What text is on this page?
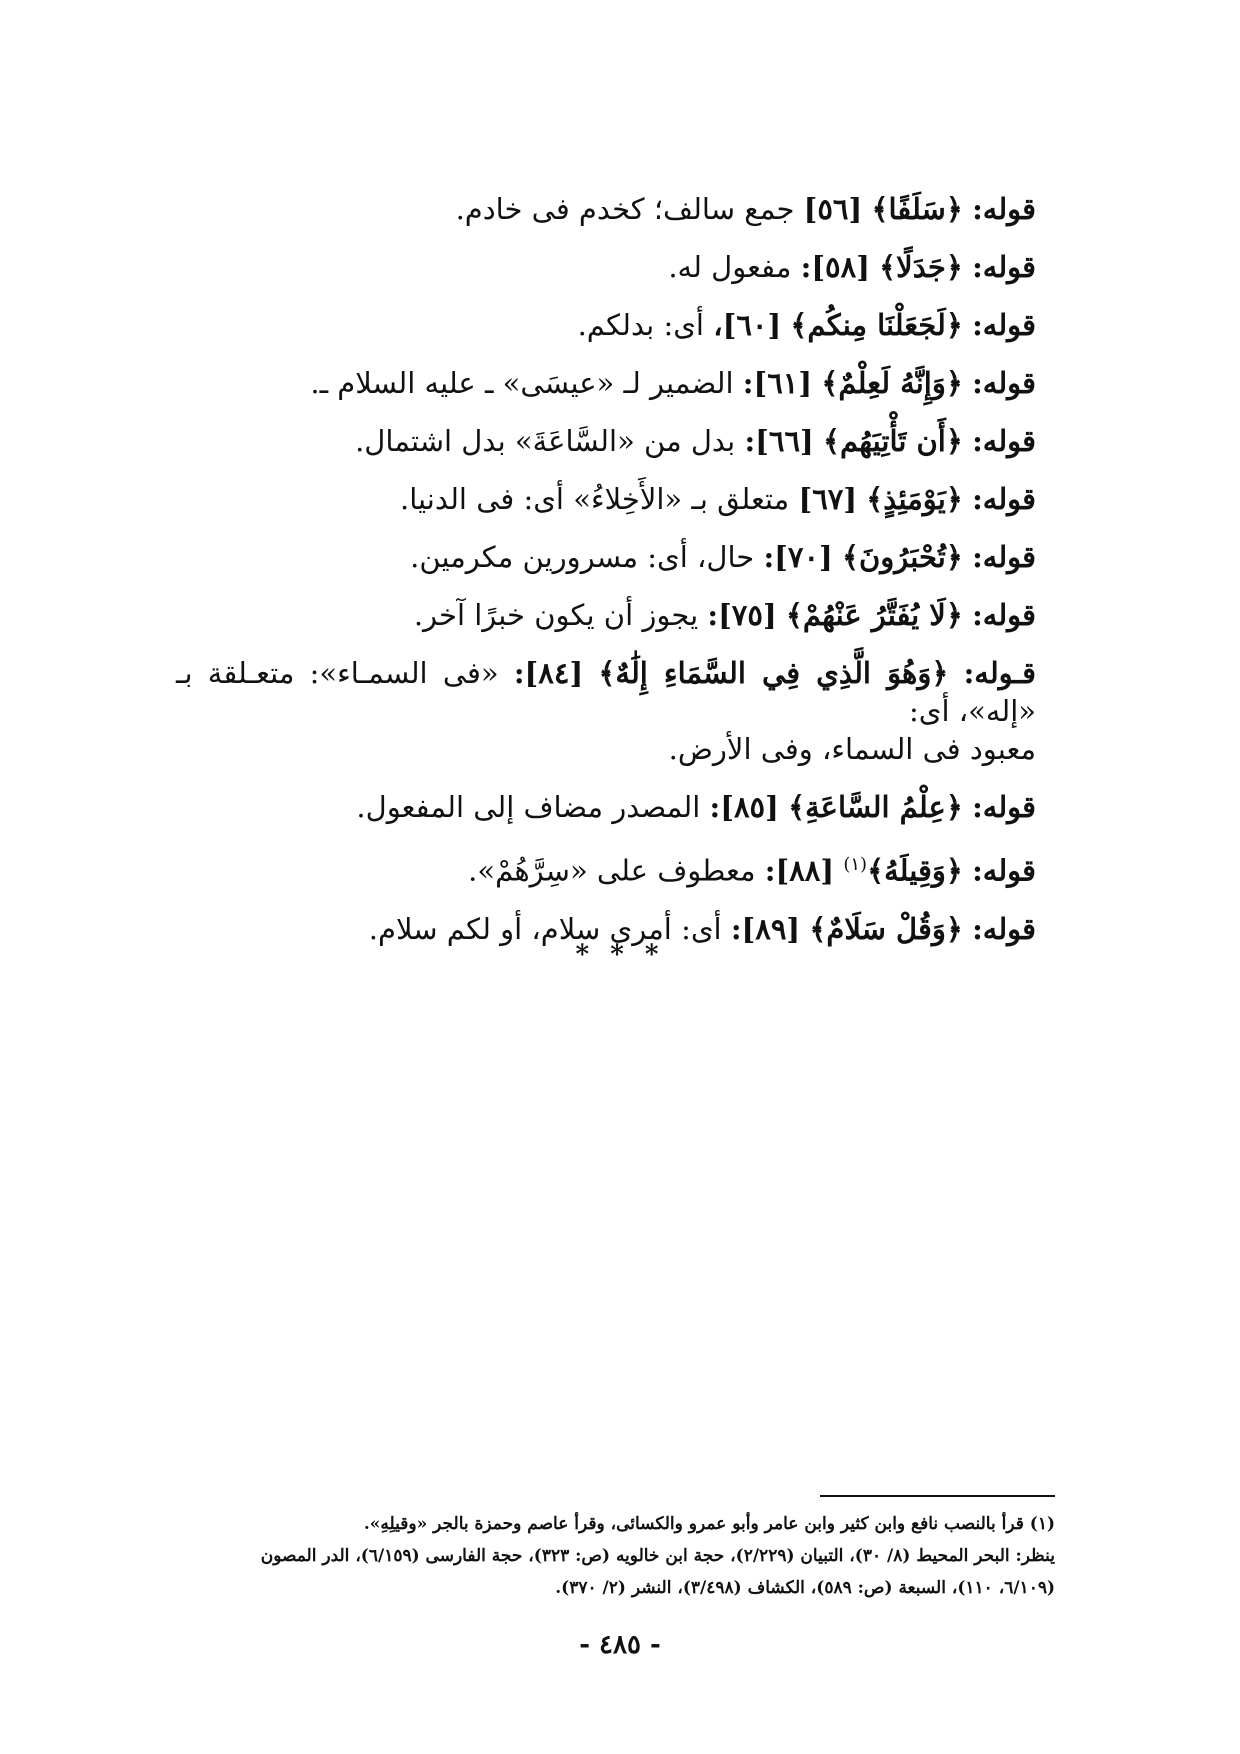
قوله: ﴿سَلَفًا﴾ [٥٦] جمع سالف؛ كخدم فى خادم.

قوله: ﴿جَدَلًا﴾ [٥٨]: مفعول له.

قوله: ﴿لَجَعَلْنَا مِنكُم﴾ [٦٠]، أى: بدلكم.

قوله: ﴿وَإِنَّهُ لَعِلْمٌ﴾ [٦١]: الضمير لـ «عيسَى» ـ عليه السلام ـ.

قوله: ﴿أَن تَأْتِيَهُم﴾ [٦٦]: بدل من «السَّاعَةَ» بدل اشتمال.

قوله: ﴿يَوْمَئِذٍ﴾ [٦٧] متعلق بـ «الأَخِلاءُ» أى: فى الدنيا.

قوله: ﴿تُحْبَرُونَ﴾ [٧٠]: حال، أى: مسرورين مكرمين.

قوله: ﴿لَا يُفَتَّرُ عَنْهُمْ﴾ [٧٥]: يجوز أن يكون خبرًا آخر.

قـوله: ﴿وَهُوَ الَّذِي فِي السَّمَاءِ إِلَٰهٌ﴾ [٨٤]: «فى السمـاء»: متعـلقة بـ «إله»، أى:
معبود فى السماء، وفى الأرض.

قوله: ﴿عِلْمُ السَّاعَةِ﴾ [٨٥]: المصدر مضاف إلى المفعول.

قوله: ﴿وَقِيلَهُ﴾$^{(١)}$ [٨٨]: معطوف على «سِرَّهُمْ».

قوله: ﴿وَقُلْ سَلَامٌ﴾ [٨٩]: أى: أمرى سلام، أو لكم سلام.

* * *

(١) قرأ بالنصب نافع وابن كثير وابن عامر وأبو عمرو والكسائى، وقرأ عاصم وحمزة بالجر «وقيلِهِ».

ينظر: البحر المحيط (٨/ ٣٠)، التبيان (٢/٢٢٩)، حجة ابن خالويه (ص: ٣٢٣)، حجة الفارسى (٦/١٥٩)، الدر المصون

(٦/١٠٩، ١١٠)، السبعة (ص: ٥٨٩)، الكشاف (٣/٤٩٨)، النشر (٢/ ٣٧٠).

- ٤٨٥ -
